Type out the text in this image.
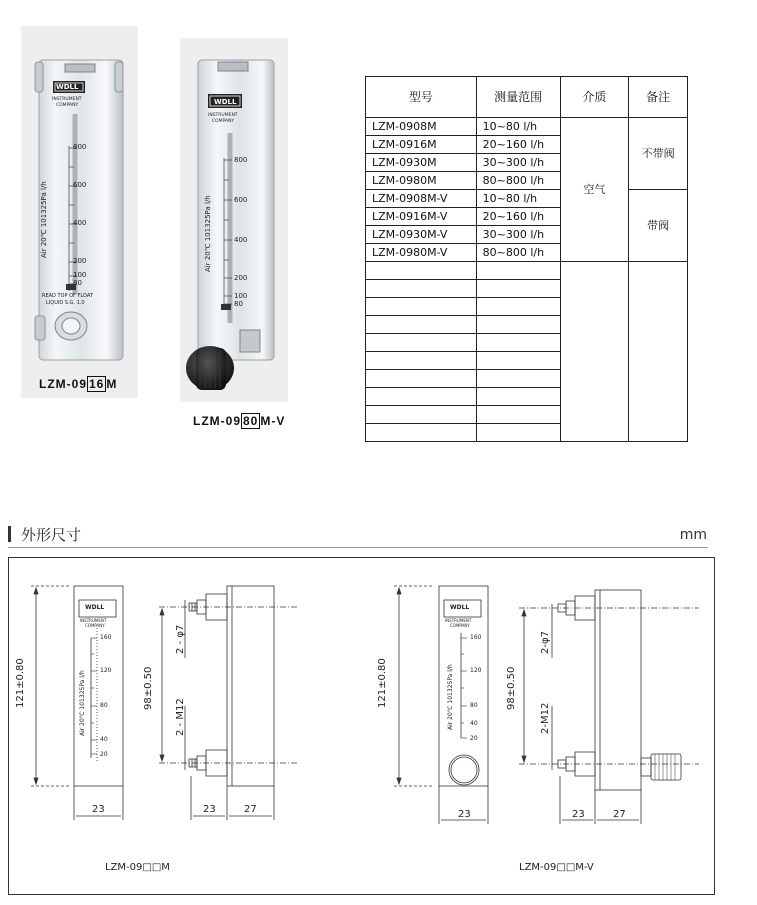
WDLL
INSTRUMENT
COMPANY
800
600
400
200
100
80
Air 20℃ 101325Pa l/h
READ TOP OF FLOAT
LIQUID S.G. 1.0
LZM-09 16 M
WDLL
INSTRUMENT
COMPANY
800
600
400
200
100
80
Air 20℃ 101325Pa l/h
LZM-09 80 M-V
型号	测量范围	介质	备注
LZM-0908M	10~80 l/h	空气	不带阀
LZM-0916M	20~160 l/h		
LZM-0930M	30~300 l/h		
LZM-0980M	80~800 l/h		
LZM-0908M-V	10~80 l/h		带阀
LZM-0916M-V	20~160 l/h		
LZM-0930M-V	30~300 l/h		
LZM-0980M-V	80~800 l/h		

外形尺寸	mm
WDLL
INSTRUMENT
COMPANY
160
120
80
40
20
Air 20℃ 101325Pa l/h
121±0.80	98±0.50
2 - φ7
2 - M12
23	23	27
LZM-09□□M
WDLL
INSTRUMENT
COMPANY
160
120
80
40
20
Air 20℃ 101325Pa l/h
121±0.80	98±0.50
2-φ7
2-M12
23	23	27
LZM-09□□M-V
